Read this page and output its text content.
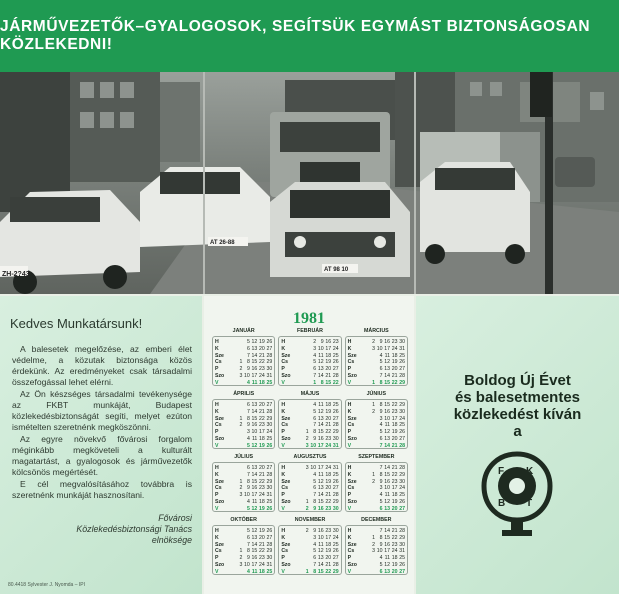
JÁRMŰVEZETŐK–GYALOGOSOK, SEGÍTSÜK EGYMÁST BIZTONSÁGOSAN KÖZLEKEDNI!
ZH-2?43
AT 26-88
AT 98 10
Kedves Munkatársunk!

A balesetek megelőzése, az emberi élet védelme, a közutak biztonsága közös érdekünk. Az eredményeket csak társadalmi összefogással lehet elérni.

Az Ön készséges társadalmi tevékenysége az FKBT munkáját, Budapest közlekedésbiztonságát segíti, melyet ezúton ismételten szeretnénk megköszönni.

Az egyre növekvő fővárosi forgalom méginkább megköveteli a kulturált magatartást, a gyalogosok és járművezetők kölcsönös megértését.

E cél megvalósításához továbbra is szeretnénk munkáját hasznosítani.

Fővárosi
Közlekedésbiztonsági Tanács
elnöksége
80.4418 Sylvester J. Nyomda – IPI
1981
JANUÁR
H	5 12 19 26
K	6 13 20 27
Sze	7 14 21 28
Cs	1 8 15 22 29
P	2 9 16 23 30
Szo	3 10 17 24 31
V	4 11 18 25
FEBRUÁR
H	2 9 16 23
K	3 10 17 24
Sze	4 11 18 25
Cs	5 12 19 26
P	6 13 20 27
Szo	7 14 21 28
V	1 8 15 22
MÁRCIUS
H	2 9 16 23 30
K	3 10 17 24 31
Sze	4 11 18 25
Cs	5 12 19 26
P	6 13 20 27
Szo	7 14 21 28
V	1 8 15 22 29
ÁPRILIS
H	6 13 20 27
K	7 14 21 28
Sze	1 8 15 22 29
Cs	2 9 16 23 30
P	3 10 17 24
Szo	4 11 18 25
V	5 12 19 26
MÁJUS
H	4 11 18 25
K	5 12 19 26
Sze	6 13 20 27
Cs	7 14 21 28
P	1 8 15 22 29
Szo	2 9 16 23 30
V	3 10 17 24 31
JÚNIUS
H	1 8 15 22 29
K	2 9 16 23 30
Sze	3 10 17 24
Cs	4 11 18 25
P	5 12 19 26
Szo	6 13 20 27
V	7 14 21 28
JÚLIUS
H	6 13 20 27
K	7 14 21 28
Sze	1 8 15 22 29
Cs	2 9 16 23 30
P	3 10 17 24 31
Szo	4 11 18 25
V	5 12 19 26
AUGUSZTUS
H	3 10 17 24 31
K	4 11 18 25
Sze	5 12 19 26
Cs	6 13 20 27
P	7 14 21 28
Szo	1 8 15 22 29
V	2 9 16 23 30
SZEPTEMBER
H	7 14 21 28
K	1 8 15 22 29
Sze	2 9 16 23 30
Cs	3 10 17 24
P	4 11 18 25
Szo	5 12 19 26
V	6 13 20 27
OKTÓBER
H	5 12 19 26
K	6 13 20 27
Sze	7 14 21 28
Cs	1 8 15 22 29
P	2 9 16 23 30
Szo	3 10 17 24 31
V	4 11 18 25
NOVEMBER
H	2 9 16 23 30
K	3 10 17 24
Sze	4 11 18 25
Cs	5 12 19 26
P	6 13 20 27
Szo	7 14 21 28
V	1 8 15 22 29
DECEMBER
H	7 14 21 28
K	1 8 15 22 29
Sze	2 9 16 23 30
Cs	3 10 17 24 31
P	4 11 18 25
Szo	5 12 19 26
V	6 13 20 27
Boldog Új Évet
és balesetmentes
közlekedést kíván
a
F K
B T
